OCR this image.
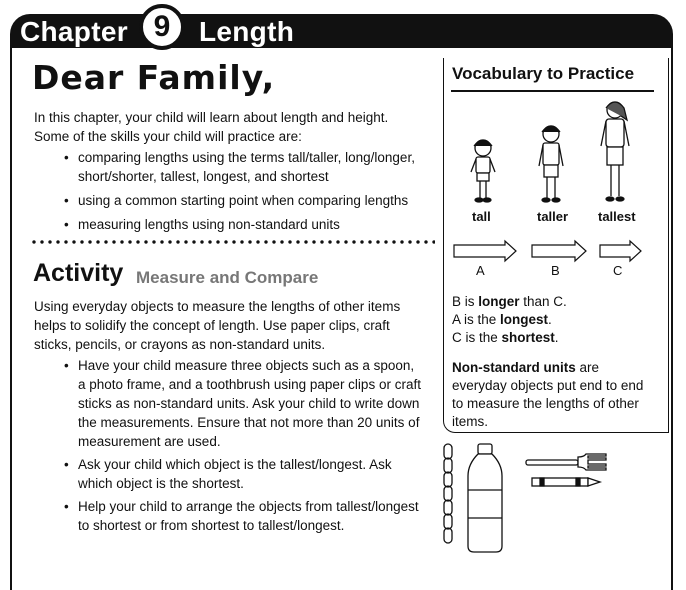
Chapter 9 Length
Dear Family,
In this chapter, your child will learn about length and height.
Some of the skills your child will practice are:
• comparing lengths using the terms tall/taller, long/longer,
short/shorter, tallest, longest, and shortest
• using a common starting point when comparing lengths
• measuring lengths using non-standard units
Activity Measure and Compare
Using everyday objects to measure the lengths of other items
helps to solidify the concept of length. Use paper clips, craft
sticks, pencils, or crayons as non-standard units.
• Have your child measure three objects such as a spoon,
a photo frame, and a toothbrush using paper clips or craft
sticks as non-standard units. Ask your child to write down
the measurements. Ensure that not more than 20 units of
measurement are used.
• Ask your child which object is the tallest/longest. Ask
which object is the shortest.
• Help your child to arrange the objects from tallest/longest
to shortest or from shortest to tallest/longest.
Vocabulary to Practice
tall	taller tallest
A	B	C
B is longer than C.
A is the longest.
C is the shortest.
Non-standard units are
everyday objects put end to end
to measure the lengths of other
items.
